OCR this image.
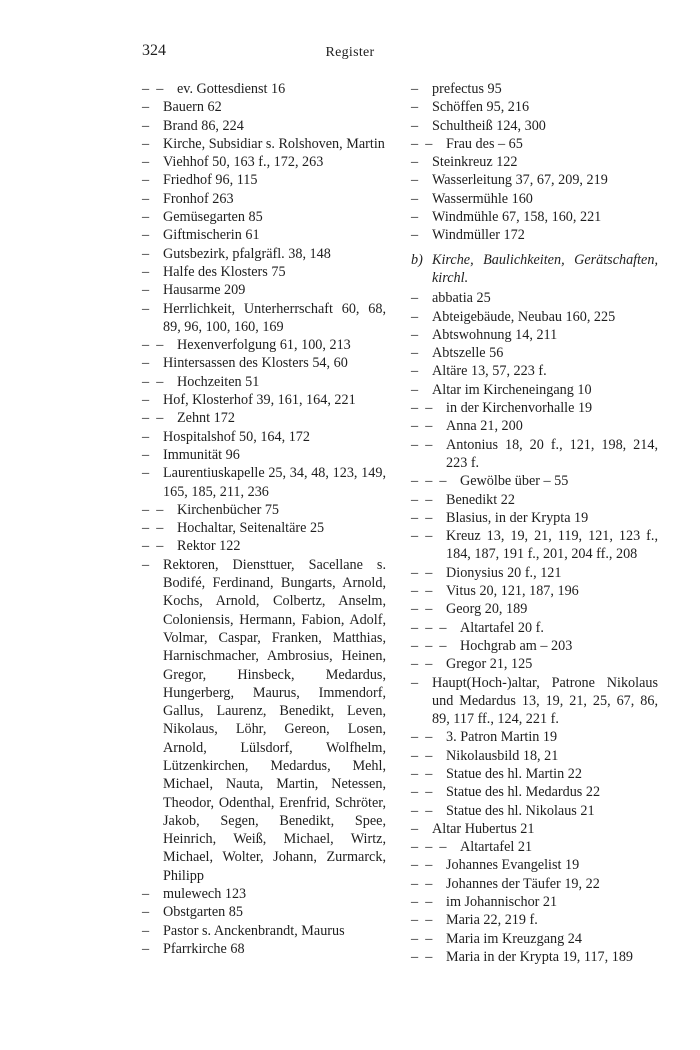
324	Register
–  – ev. Gottesdienst 16
– Bauern 62
– Brand 86, 224
– Kirche, Subsidiar s. Rolshoven, Martin
– Viehhof 50, 163 f., 172, 263
– Friedhof 96, 115
– Fronhof 263
– Gemüsegarten 85
– Giftmischerin 61
– Gutsbezirk, pfalgräfl. 38, 148
– Halfe des Klosters 75
– Hausarme 209
– Herrlichkeit, Unterherrschaft 60, 68, 89, 96, 100, 160, 169
–  – Hexenverfolgung 61, 100, 213
– Hintersassen des Klosters 54, 60
–  – Hochzeiten 51
– Hof, Klosterhof 39, 161, 164, 221
–  – Zehnt 172
– Hospitalshof 50, 164, 172
– Immunität 96
– Laurentiuskapelle 25, 34, 48, 123, 149, 165, 185, 211, 236
–  – Kirchenbücher 75
–  – Hochaltar, Seitenaltäre 25
–  – Rektor 122
– Rektoren, Diensttuer, Sacellane s. Bodifé, Ferdinand, Bungarts, Arnold, Kochs, Arnold, Colbertz, Anselm, Coloniensis, Hermann, Fabion, Adolf, Volmar, Caspar, Franken, Matthias, Harnischmacher, Ambrosius, Heinen, Gregor, Hinsbeck, Medardus, Hungerberg, Maurus, Immendorf, Gallus, Laurenz, Benedikt, Leven, Nikolaus, Löhr, Gereon, Losen, Arnold, Lülsdorf, Wolfhelm, Lützenkirchen, Medardus, Mehl, Michael, Nauta, Martin, Netessen, Theodor, Odenthal, Erenfrid, Schröter, Jakob, Segen, Benedikt, Spee, Heinrich, Weiß, Michael, Wirtz, Michael, Wolter, Johann, Zurmarck, Philipp
– mulewech 123
– Obstgarten 85
– Pastor s. Anckenbrandt, Maurus
– Pfarrkirche 68
– prefectus 95
– Schöffen 95, 216
– Schultheiß 124, 300
–  – Frau des – 65
– Steinkreuz 122
– Wasserleitung 37, 67, 209, 219
– Wassermühle 160
– Windmühle 67, 158, 160, 221
– Windmüller 172
b) Kirche, Baulichkeiten, Gerätschaften, kirchl.
– abbatia 25
– Abteigebäude, Neubau 160, 225
– Abtswohnung 14, 211
– Abtszelle 56
– Altäre 13, 57, 223 f.
– Altar im Kircheneingang 10
–  – in der Kirchenvorhalle 19
–  – Anna 21, 200
–  – Antonius 18, 20 f., 121, 198, 214, 223 f.
–  –  – Gewölbe über – 55
–  – Benedikt 22
–  – Blasius, in der Krypta 19
–  – Kreuz 13, 19, 21, 119, 121, 123 f., 184, 187, 191 f., 201, 204 ff., 208
–  – Dionysius 20 f., 121
–  – Vitus 20, 121, 187, 196
–  – Georg 20, 189
–  –  – Altartafel 20 f.
–  –  – Hochgrab am – 203
–  – Gregor 21, 125
– Haupt(Hoch-)altar, Patrone Nikolaus und Medardus 13, 19, 21, 25, 67, 86, 89, 117 ff., 124, 221 f.
–  – 3. Patron Martin 19
–  – Nikolausbild 18, 21
–  – Statue des hl. Martin 22
–  – Statue des hl. Medardus 22
–  – Statue des hl. Nikolaus 21
– Altar Hubertus 21
–  –  – Altartafel 21
–  – Johannes Evangelist 19
–  – Johannes der Täufer 19, 22
–  – im Johannischor 21
–  – Maria 22, 219 f.
–  – Maria im Kreuzgang 24
–  – Maria in der Krypta 19, 117, 189
